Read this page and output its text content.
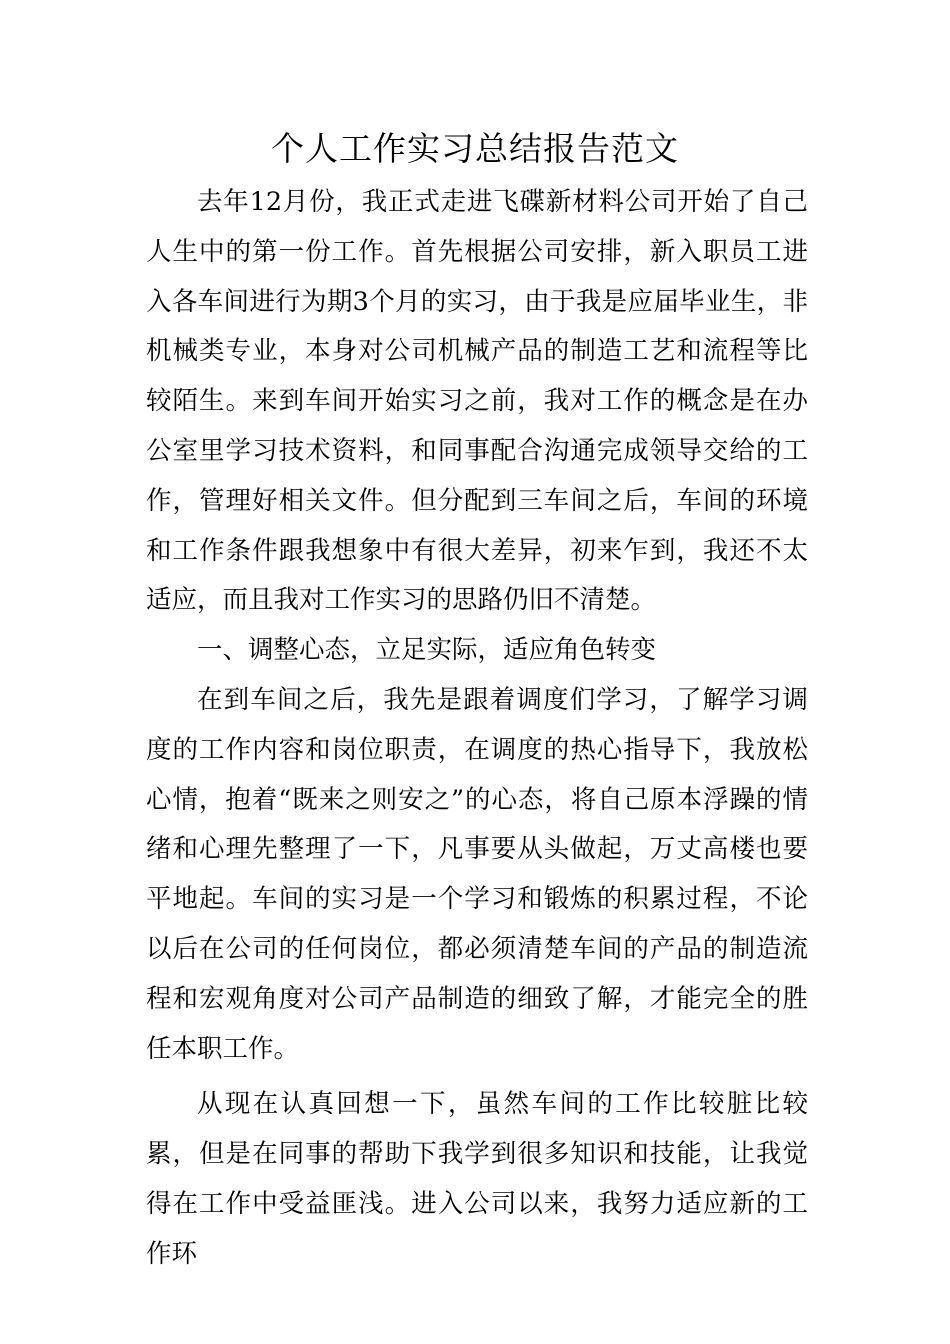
个人工作实习总结报告范文

去年12月份，我正式走进飞碟新材料公司开始了自己人生中的第一份工作。首先根据公司安排，新入职员工进入各车间进行为期3个月的实习，由于我是应届毕业生，非机械类专业，本身对公司机械产品的制造工艺和流程等比较陌生。来到车间开始实习之前，我对工作的概念是在办公室里学习技术资料，和同事配合沟通完成领导交给的工作，管理好相关文件。但分配到三车间之后，车间的环境和工作条件跟我想象中有很大差异，初来乍到，我还不太适应，而且我对工作实习的思路仍旧不清楚。

一、调整心态，立足实际，适应角色转变

在到车间之后，我先是跟着调度们学习，了解学习调度的工作内容和岗位职责，在调度的热心指导下，我放松心情，抱着“既来之则安之”的心态，将自己原本浮躁的情绪和心理先整理了一下，凡事要从头做起，万丈高楼也要平地起。车间的实习是一个学习和锻炼的积累过程，不论以后在公司的任何岗位，都必须清楚车间的产品的制造流程和宏观角度对公司产品制造的细致了解，才能完全的胜任本职工作。

从现在认真回想一下，虽然车间的工作比较脏比较累，但是在同事的帮助下我学到很多知识和技能，让我觉得在工作中受益匪浅。进入公司以来，我努力适应新的工作环
